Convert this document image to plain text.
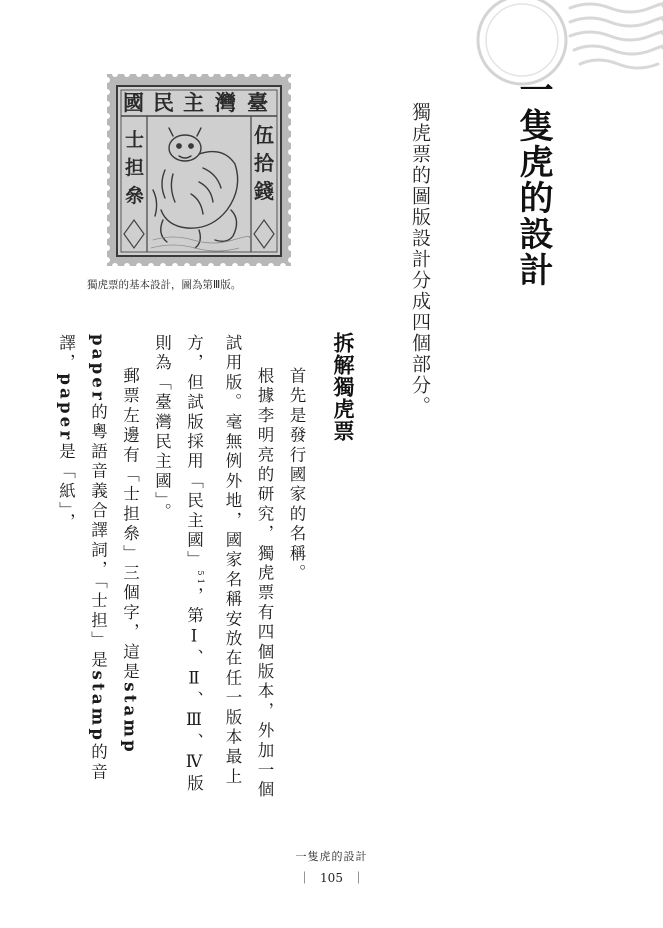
一隻虎的設計
獨虎票的圖版設計分成四個部分。
國 民 主 灣 臺
伍
拾
錢
士
担
㕘
獨虎票的基本設計，圖為第Ⅲ版。
拆解獨虎票

首先是發行國家的名稱。

根據李明亮的研究，獨虎票有四個版本，外加一個試用版。毫無例外地，國家名稱安放在任一版本最上方，但試版採用「民主國」$^{51}$，第Ⅰ、Ⅱ、Ⅲ、Ⅳ版則為「臺灣民主國」。

郵票左邊有「士担㕘」三個字，這是stamp paper的粵語音義合譯詞，「士担」是stamp的音譯，paper是「紙」，

一隻虎的設計
｜ 105 ｜
